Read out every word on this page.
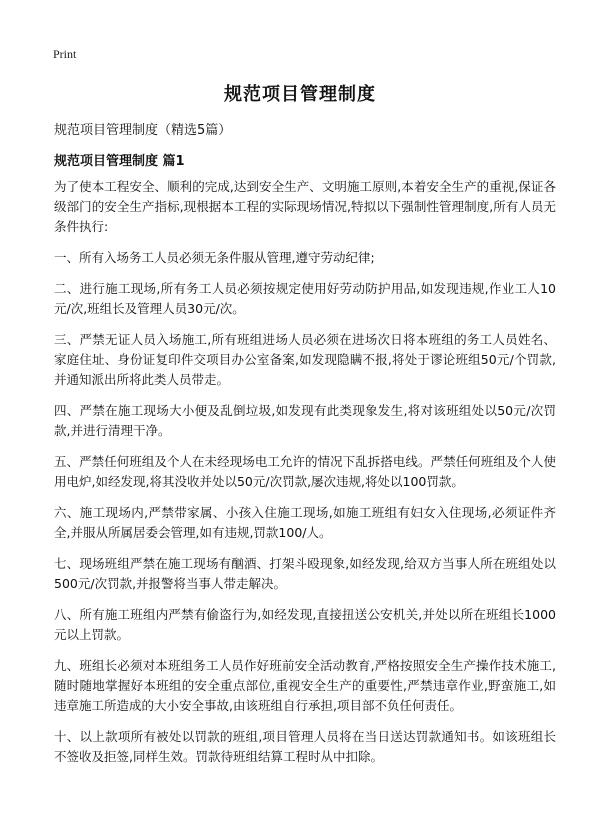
Print
规范项目管理制度
规范项目管理制度（精选5篇）
规范项目管理制度 篇1

为了使本工程安全、顺利的完成,达到安全生产、文明施工原则,本着安全生产的重视,保证各级部门的安全生产指标,现根据本工程的实际现场情况,特拟以下强制性管理制度,所有人员无条件执行:

一、所有入场务工人员必须无条件服从管理,遵守劳动纪律;

二、进行施工现场,所有务工人员必须按规定使用好劳动防护用品,如发现违规,作业工人10元/次,班组长及管理人员30元/次。

三、严禁无证人员入场施工,所有班组进场人员必须在进场次日将本班组的务工人员姓名、家庭住址、身份证复印件交项目办公室备案,如发现隐瞒不报,将处于谬论班组50元/个罚款,并通知派出所将此类人员带走。

四、严禁在施工现场大小便及乱倒垃圾,如发现有此类现象发生,将对该班组处以50元/次罚款,并进行清理干净。

五、严禁任何班组及个人在未经现场电工允许的情况下乱拆搭电线。严禁任何班组及个人使用电炉,如经发现,将其没收并处以50元/次罚款,屡次违规,将处以100罚款。

六、施工现场内,严禁带家属、小孩入住施工现场,如施工班组有妇女入住现场,必须证件齐全,并服从所属居委会管理,如有违规,罚款100/人。

七、现场班组严禁在施工现场有酗酒、打架斗殴现象,如经发现,给双方当事人所在班组处以500元/次罚款,并报警将当事人带走解决。

八、所有施工班组内严禁有偷盗行为,如经发现,直接扭送公安机关,并处以所在班组长1000元以上罚款。

九、班组长必须对本班组务工人员作好班前安全活动教育,严格按照安全生产操作技术施工,随时随地掌握好本班组的安全重点部位,重视安全生产的重要性,严禁违章作业,野蛮施工,如违章施工所造成的大小安全事故,由该班组自行承担,项目部不负任何责任。

十、以上款项所有被处以罚款的班组,项目管理人员将在当日送达罚款通知书。如该班组长不签收及拒签,同样生效。罚款待班组结算工程时从中扣除。
